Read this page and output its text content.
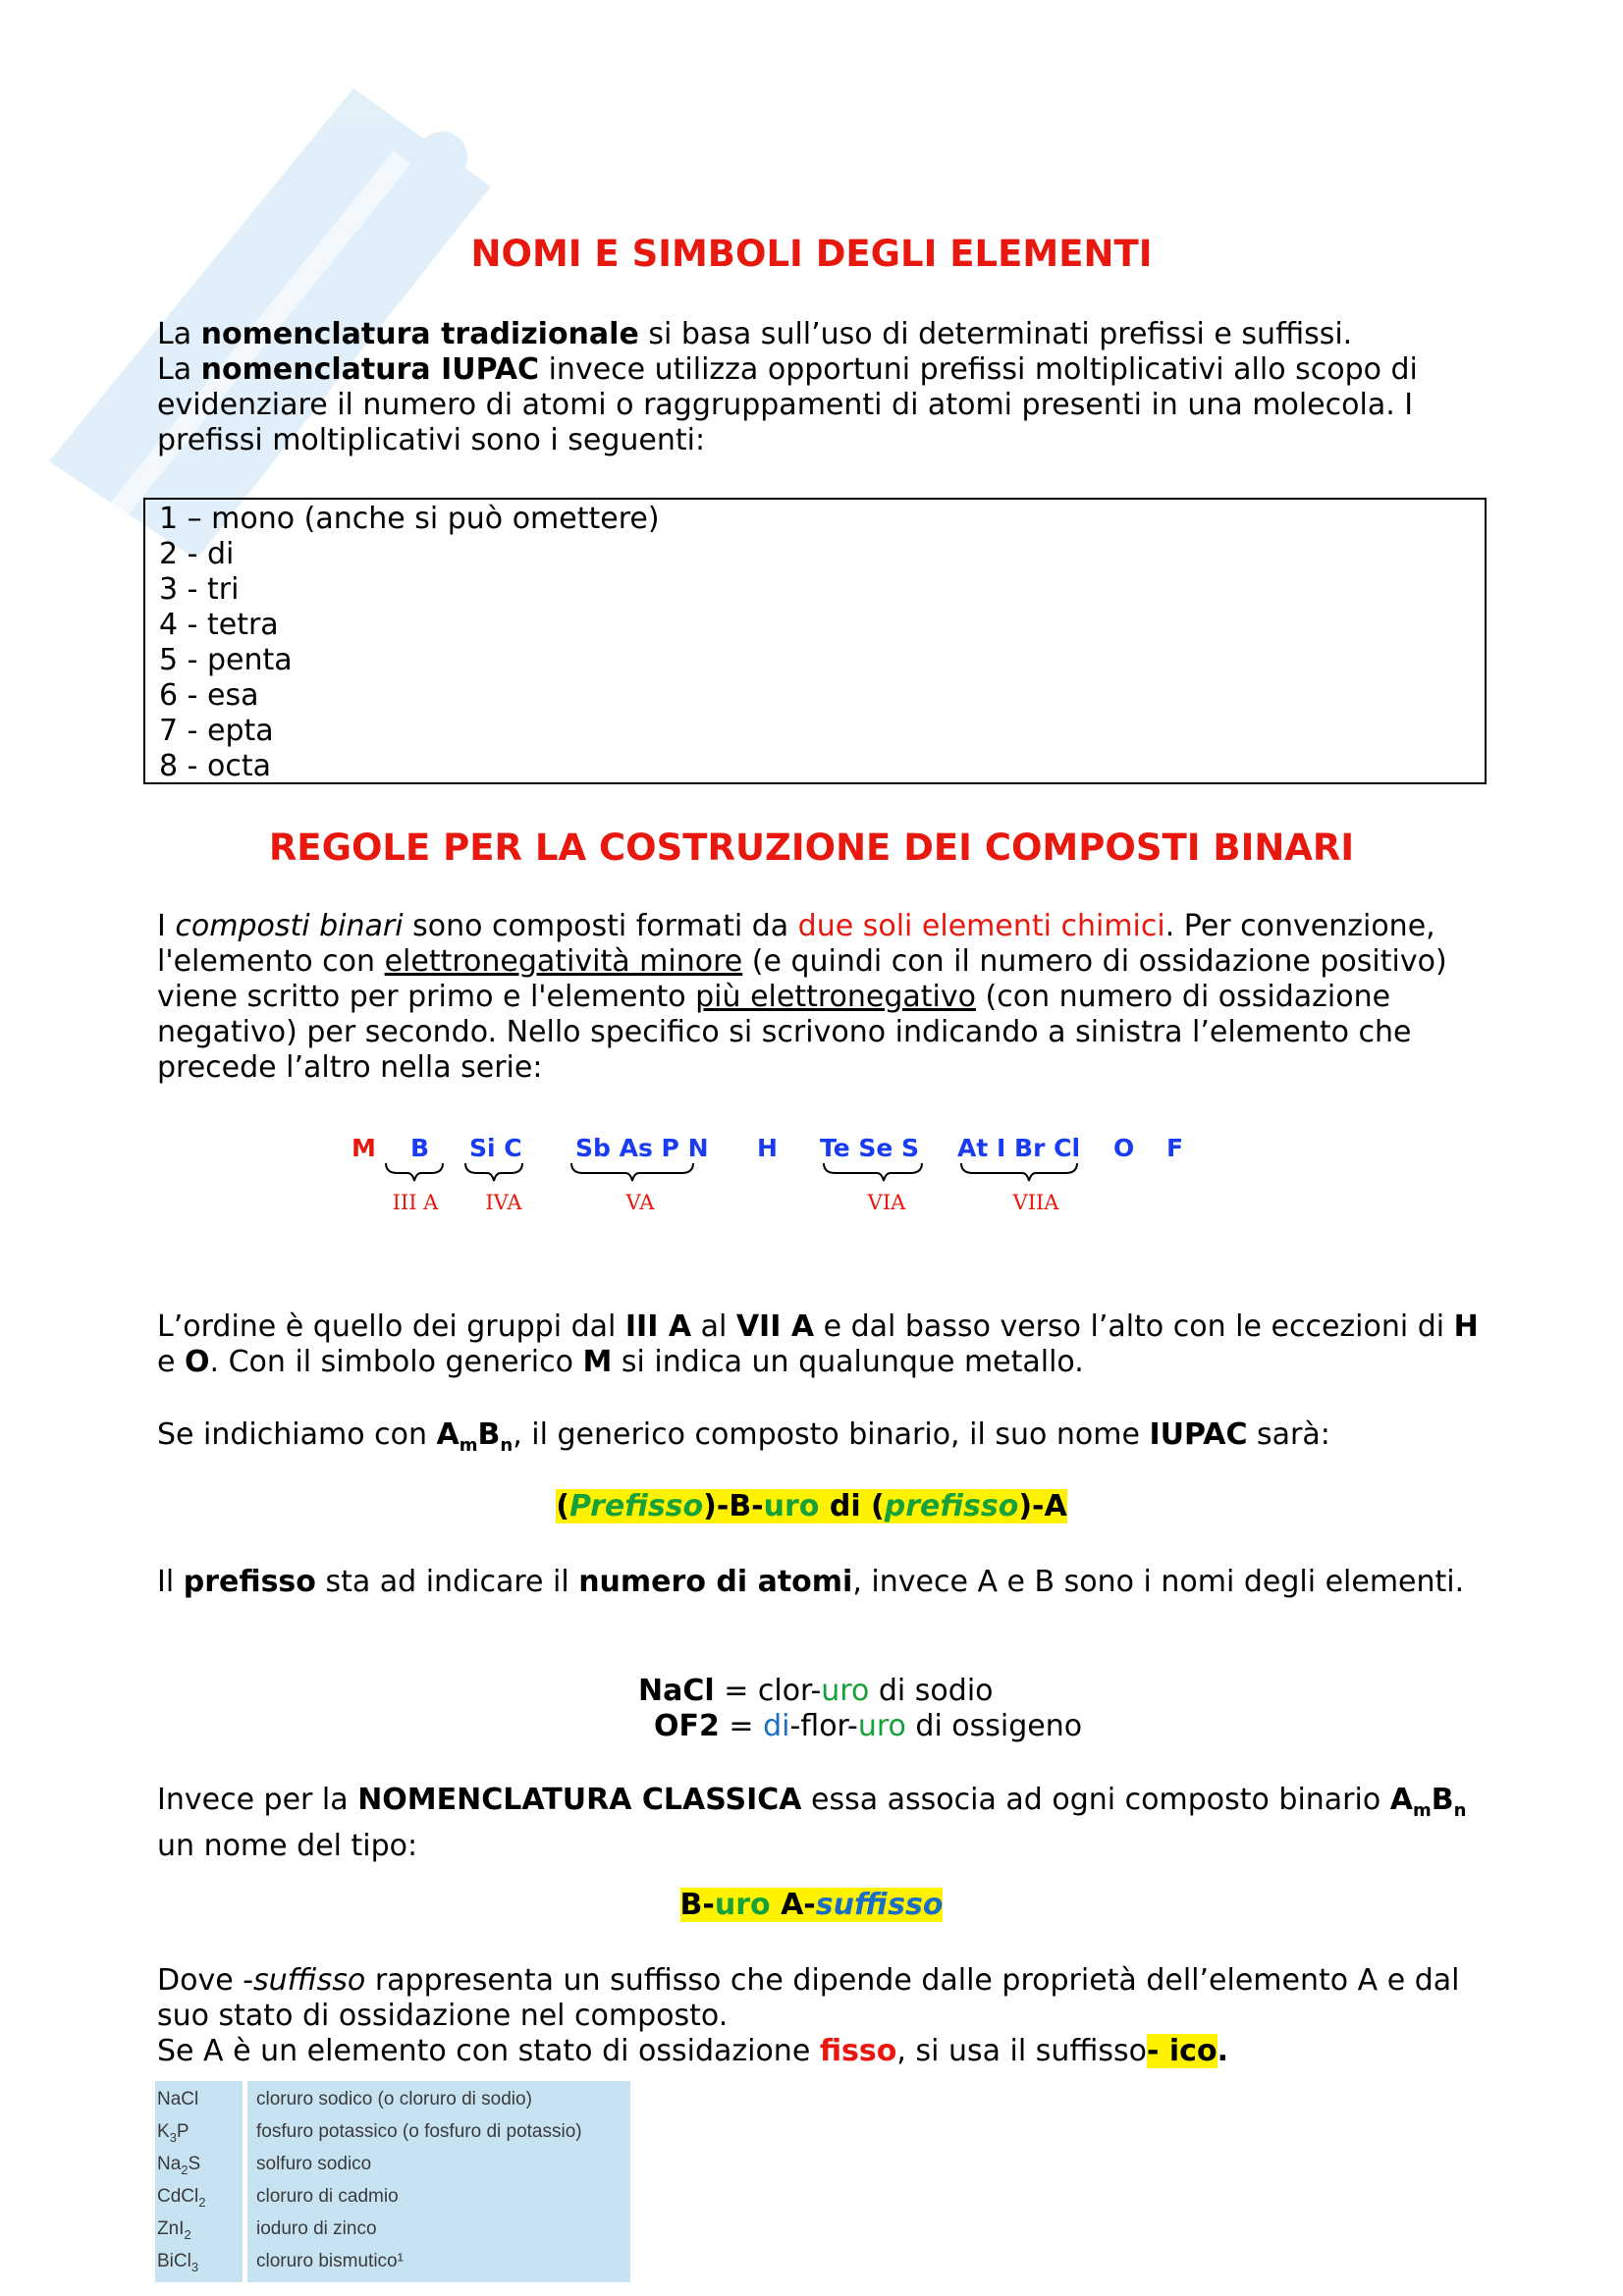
NOMI E SIMBOLI DEGLI ELEMENTI
La nomenclatura tradizionale si basa sull’uso di determinati prefissi e suffissi.
La nomenclatura IUPAC invece utilizza opportuni prefissi moltiplicativi allo scopo di evidenziare il numero di atomi o raggruppamenti di atomi presenti in una molecola. I prefissi moltiplicativi sono i seguenti:
1 – mono (anche si può omettere)
2 - di
3 - tri
4 - tetra
5 - penta
6 - esa
7 - epta
8 - octa
REGOLE PER LA COSTRUZIONE DEI COMPOSTI BINARI
I composti binari sono composti formati da due soli elementi chimici. Per convenzione, l'elemento con elettronegatività minore (e quindi con il numero di ossidazione positivo) viene scritto per primo e l'elemento più elettronegativo (con numero di ossidazione negativo) per secondo. Nello specifico si scrivono indicando a sinistra l’elemento che precede l’altro nella serie:
M B Si C Sb As P N H Te Se S At I Br Cl O F
III A IVA	VA	VIA	VIIA
L’ordine è quello dei gruppi dal III A al VII A e dal basso verso l’alto con le eccezioni di H e O. Con il simbolo generico M si indica un qualunque metallo.
Se indichiamo con $A_mB_n$, il generico composto binario, il suo nome IUPAC sarà:
(Prefisso)-B-uro di (prefisso)-A
Il prefisso sta ad indicare il numero di atomi, invece A e B sono i nomi degli elementi.
NaCl = clor-uro di sodio
OF2 = di-flor-uro di ossigeno
Invece per la NOMENCLATURA CLASSICA essa associa ad ogni composto binario $A_mB_n$ un nome del tipo:
B-uro A-suffisso
Dove -suffisso rappresenta un suffisso che dipende dalle proprietà dell’elemento A e dal suo stato di ossidazione nel composto.
Se A è un elemento con stato di ossidazione fisso, si usa il suffisso- ico.
NaCl	cloruro sodico (o cloruro di sodio)
$K_3P$	fosfuro potassico (o fosfuro di potassio)
$Na_2S$	solfuro sodico
CdCl$_2$	cloruro di cadmio
ZnI$_2$	ioduro di zinco
BiCl$_3$	cloruro bismutico¹
